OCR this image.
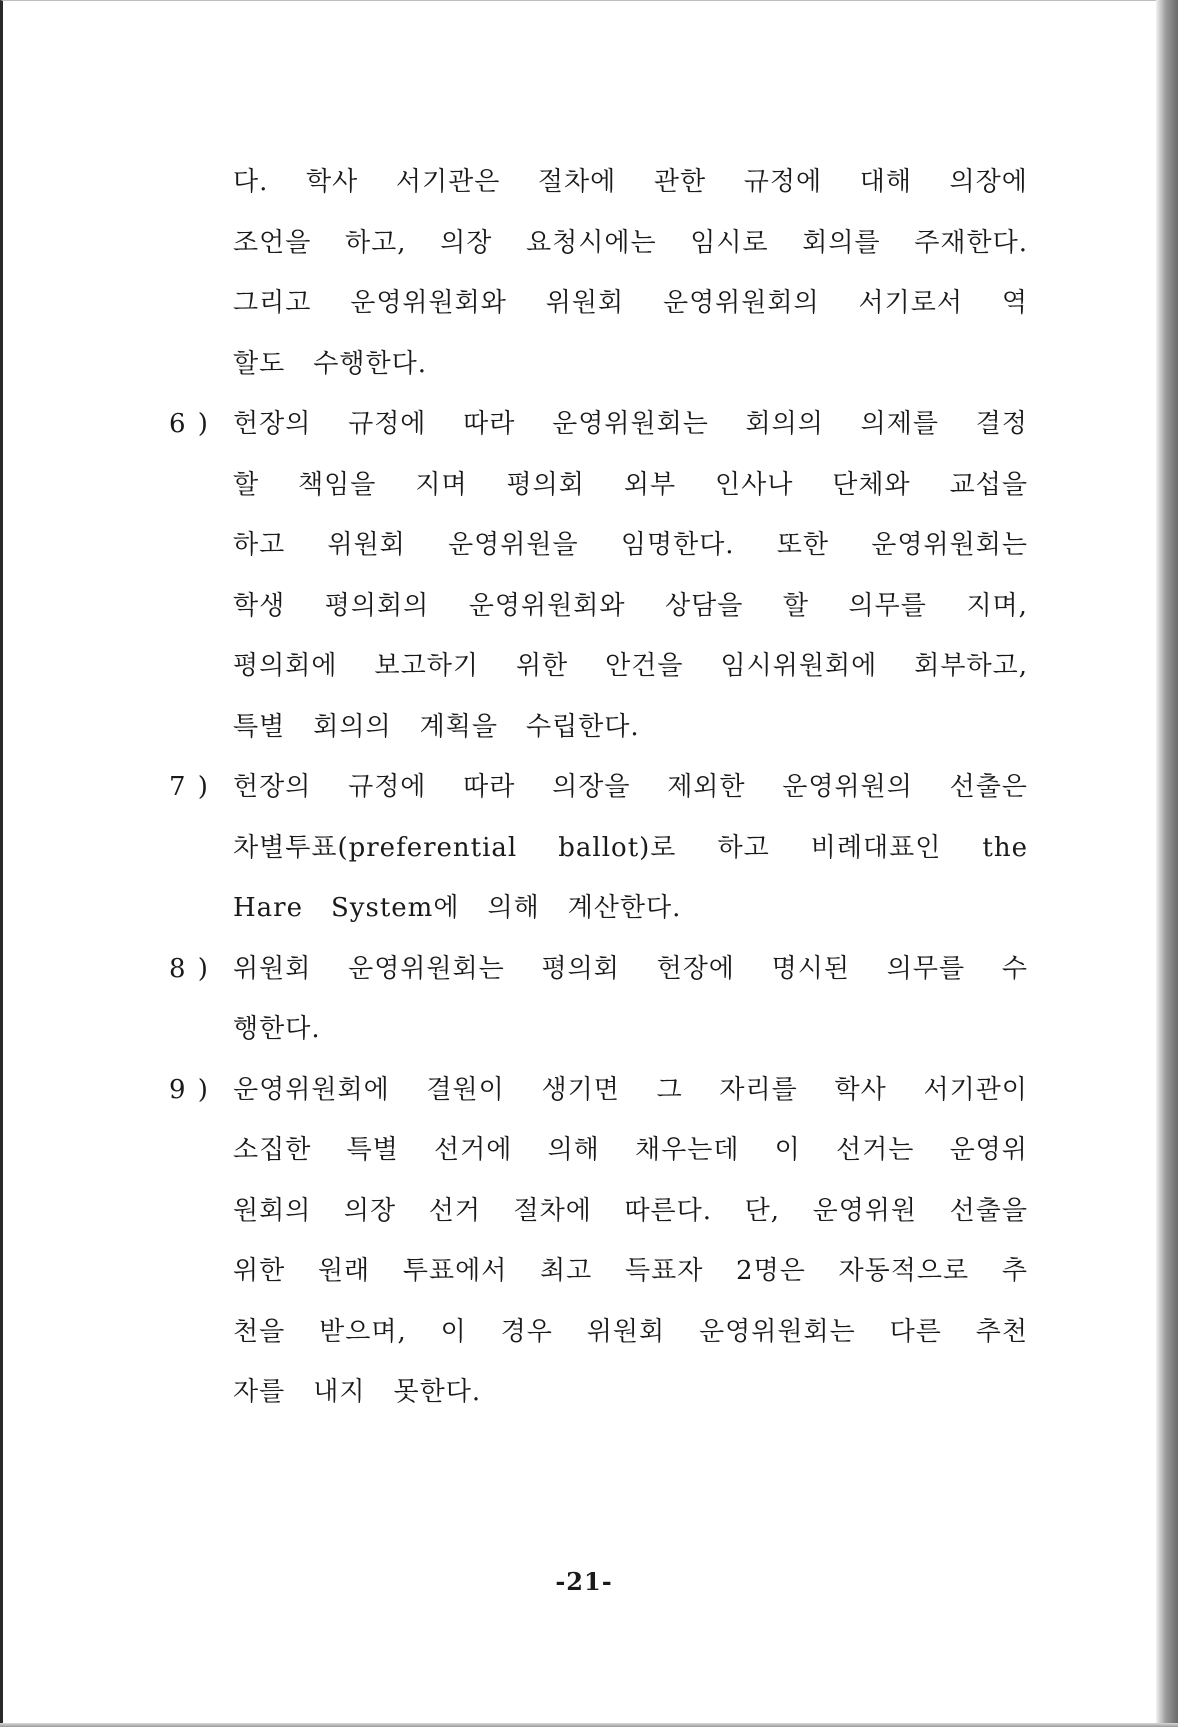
다. 학사 서기관은 절차에 관한 규정에 대해 의장에
조언을 하고, 의장 요청시에는 임시로 회의를 주재한다.
그리고 운영위원회와 위원회 운영위원회의 서기로서 역
할도 수행한다.
6 ) 헌장의 규정에 따라 운영위원회는 회의의 의제를 결정
할 책임을 지며 평의회 외부 인사나 단체와 교섭을
하고 위원회 운영위원을 임명한다. 또한 운영위원회는
학생 평의회의 운영위원회와 상담을 할 의무를 지며,
평의회에 보고하기 위한 안건을 임시위원회에 회부하고,
특별 회의의 계획을 수립한다.
7 ) 헌장의 규정에 따라 의장을 제외한 운영위원의 선출은
차별투표(preferential ballot)로 하고 비례대표인 the
Hare System에 의해 계산한다.
8 ) 위원회 운영위원회는 평의회 헌장에 명시된 의무를 수
행한다.
9 ) 운영위원회에 결원이 생기면 그 자리를 학사 서기관이
소집한 특별 선거에 의해 채우는데 이 선거는 운영위
원회의 의장 선거 절차에 따른다. 단, 운영위원 선출을
위한 원래 투표에서 최고 득표자 2명은 자동적으로 추
천을 받으며, 이 경우 위원회 운영위원회는 다른 추천
자를 내지 못한다.
-21-
